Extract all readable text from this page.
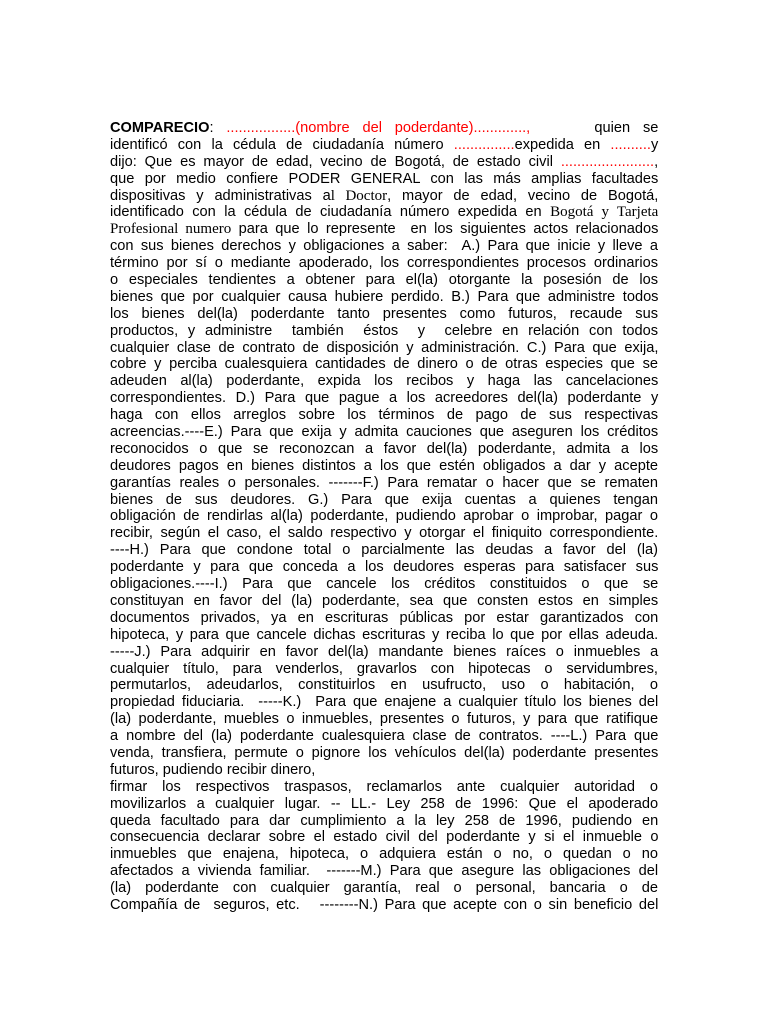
COMPARECIO: .................(nombre del poderdante).............,     quien se
identificó con la cédula de ciudadanía número ...............expedida en ..........y
dijo: Que es mayor de edad, vecino de Bogotá, de estado civil .......................,
que por medio confiere PODER GENERAL con las más amplias facultades
dispositivas y administrativas al Doctor, mayor de edad, vecino de Bogotá,
identificado con la cédula de ciudadanía número expedida en Bogotá y Tarjeta
Profesional numero para que lo represente  en los siguientes actos relacionados
con sus bienes derechos y obligaciones a saber:  A.) Para que inicie y lleve a
término por sí o mediante apoderado, los correspondientes procesos ordinarios
o especiales tendientes a obtener para el(la) otorgante la posesión de los
bienes que por cualquier causa hubiere perdido. B.) Para que administre todos
los bienes del(la) poderdante tanto presentes como futuros, recaude sus
productos, y administre  también  éstos  y  celebre en relación con todos
cualquier clase de contrato de disposición y administración. C.) Para que exija,
cobre y perciba cualesquiera cantidades de dinero o de otras especies que se
adeuden al(la) poderdante, expida los recibos y haga las cancelaciones
correspondientes. D.) Para que pague a los acreedores del(la) poderdante y
haga con ellos arreglos sobre los términos de pago de sus respectivas
acreencias.----E.) Para que exija y admita cauciones que aseguren los créditos
reconocidos o que se reconozcan a favor del(la) poderdante, admita a los
deudores pagos en bienes distintos a los que estén obligados a dar y acepte
garantías reales o personales. -------F.) Para rematar o hacer que se rematen
bienes de sus deudores. G.) Para que exija cuentas a quienes tengan
obligación de rendirlas al(la) poderdante, pudiendo aprobar o improbar, pagar o
recibir, según el caso, el saldo respectivo y otorgar el finiquito correspondiente.
----H.) Para que condone total o parcialmente las deudas a favor del (la)
poderdante y para que conceda a los deudores esperas para satisfacer sus
obligaciones.----I.) Para que cancele los créditos constituidos o que se
constituyan en favor del (la) poderdante, sea que consten estos en simples
documentos privados, ya en escrituras públicas por estar garantizados con
hipoteca, y para que cancele dichas escrituras y reciba lo que por ellas adeuda.
-----J.) Para adquirir en favor del(la) mandante bienes raíces o inmuebles a
cualquier título, para venderlos, gravarlos con hipotecas o servidumbres,
permutarlos, adeudarlos, constituirlos en usufructo, uso o habitación, o
propiedad fiduciaria.  -----K.)  Para que enajene a cualquier título los bienes del
(la) poderdante, muebles o inmuebles, presentes o futuros, y para que ratifique
a nombre del (la) poderdante cualesquiera clase de contratos. ----L.) Para que
venda, transfiera, permute o pignore los vehículos del(la) poderdante presentes
futuros, pudiendo recibir dinero,
firmar los respectivos traspasos, reclamarlos ante cualquier autoridad o
movilizarlos a cualquier lugar. -- LL.- Ley 258 de 1996: Que el apoderado
queda facultado para dar cumplimiento a la ley 258 de 1996, pudiendo en
consecuencia declarar sobre el estado civil del poderdante y si el inmueble o
inmuebles que enajena, hipoteca, o adquiera están o no, o quedan o no
afectados a vivienda familiar.  -------M.) Para que asegure las obligaciones del
(la) poderdante con cualquier garantía, real o personal, bancaria o de
Compañía de  seguros, etc.   --------N.) Para que acepte con o sin beneficio del
